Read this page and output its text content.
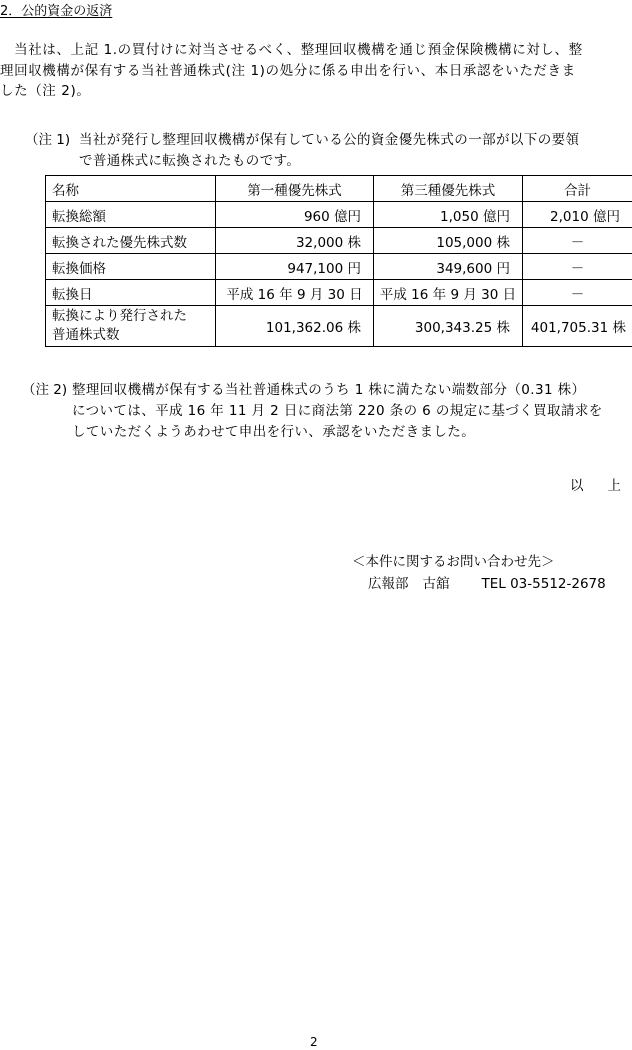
2．公的資金の返済
　当社は、上記 1.の買付けに対当させるべく、整理回収機構を通じ預金保険機構に対し、整
理回収機構が保有する当社普通株式(注 1)の処分に係る申出を行い、本日承認をいただきま
した（注 2)。
（注 1) 当社が発行し整理回収機構が保有している公的資金優先株式の一部が以下の要領
で普通株式に転換されたものです。
名称	第一種優先株式	第三種優先株式	合計
転換総額	960 億円	1,050 億円	2,010 億円
転換された優先株式数	32,000 株	105,000 株	－
転換価格	947,100 円	349,600 円	－
転換日	平成 16 年 9 月 30 日	平成 16 年 9 月 30 日	－

転換により発行された
普通株式数	101,362.06 株	300,343.25 株	401,705.31 株
（注 2) 整理回収機構が保有する当社普通株式のうち 1 株に満たない端数部分（0.31 株）
については、平成 16 年 11 月 2 日に商法第 220 条の 6 の規定に基づく買取請求を
していただくようあわせて申出を行い、承認をいただきました。
以 上
＜本件に関するお問い合わせ先＞
広報部 古舘 TEL 03-5512-2678
2
